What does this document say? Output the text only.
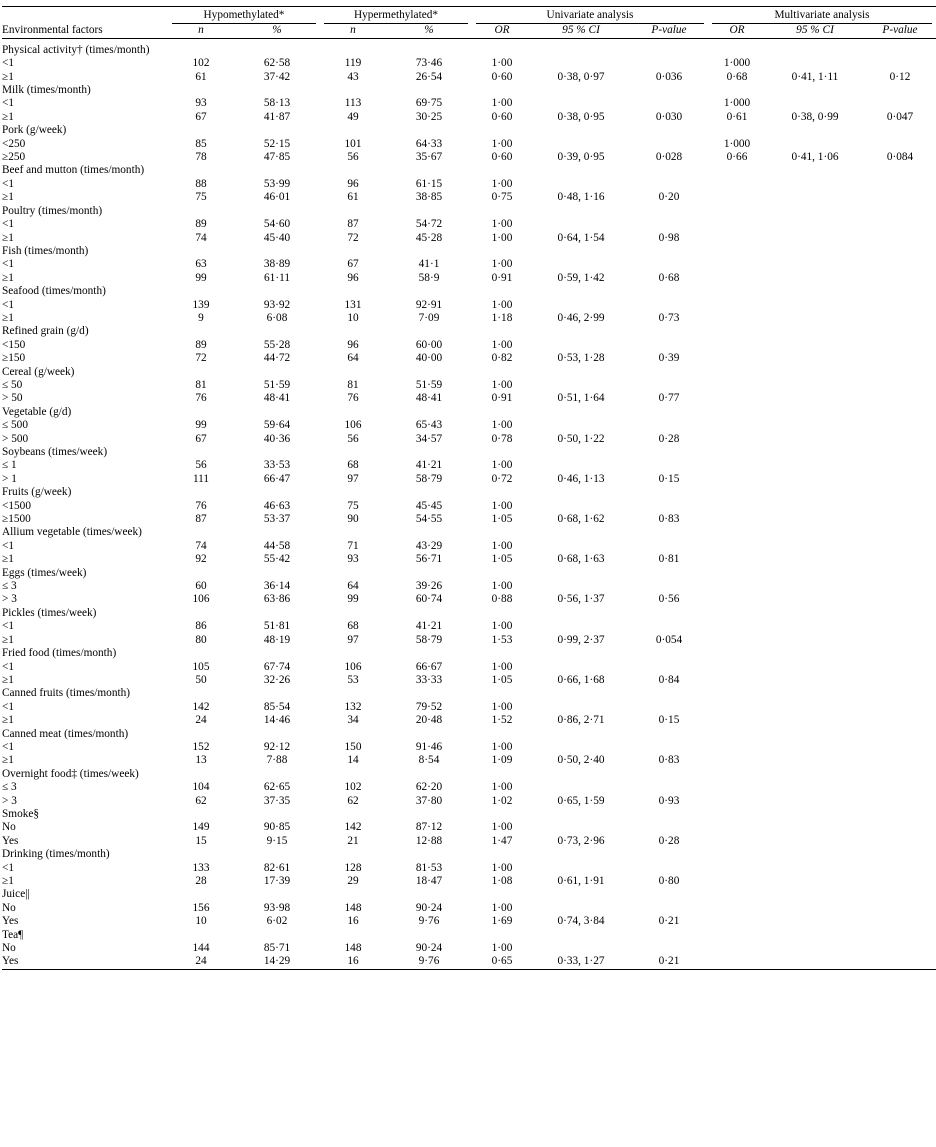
	Hypomethylated*		Hypermethylated*		Univariate analysis			Multivariate analysis		

Environmental factors	n	%	n	%	OR	95 % CI	P-value	OR	95 % CI	P-value

Physical activity† (times/month)										
<1	102	62·58	119	73·46	1·00			1·000		
≥1	61	37·42	43	26·54	0·60	0·38, 0·97	0·036	0·68	0·41, 1·11	0·12
Milk (times/month)										
<1	93	58·13	113	69·75	1·00			1·000		
≥1	67	41·87	49	30·25	0·60	0·38, 0·95	0·030	0·61	0·38, 0·99	0·047
Pork (g/week)										
<250	85	52·15	101	64·33	1·00			1·000		
≥250	78	47·85	56	35·67	0·60	0·39, 0·95	0·028	0·66	0·41, 1·06	0·084
Beef and mutton (times/month)										
<1	88	53·99	96	61·15	1·00					
≥1	75	46·01	61	38·85	0·75	0·48, 1·16	0·20			
Poultry (times/month)										
<1	89	54·60	87	54·72	1·00					
≥1	74	45·40	72	45·28	1·00	0·64, 1·54	0·98			
Fish (times/month)										
<1	63	38·89	67	41·1	1·00					
≥1	99	61·11	96	58·9	0·91	0·59, 1·42	0·68			
Seafood (times/month)										
<1	139	93·92	131	92·91	1·00					
≥1	9	6·08	10	7·09	1·18	0·46, 2·99	0·73			
Refined grain (g/d)										
<150	89	55·28	96	60·00	1·00					
≥150	72	44·72	64	40·00	0·82	0·53, 1·28	0·39			
Cereal (g/week)										
≤ 50	81	51·59	81	51·59	1·00					
> 50	76	48·41	76	48·41	0·91	0·51, 1·64	0·77			
Vegetable (g/d)										
≤ 500	99	59·64	106	65·43	1·00					
> 500	67	40·36	56	34·57	0·78	0·50, 1·22	0·28			
Soybeans (times/week)										
≤ 1	56	33·53	68	41·21	1·00					
> 1	111	66·47	97	58·79	0·72	0·46, 1·13	0·15			
Fruits (g/week)										
<1500	76	46·63	75	45·45	1·00					
≥1500	87	53·37	90	54·55	1·05	0·68, 1·62	0·83			
Allium vegetable (times/week)										
<1	74	44·58	71	43·29	1·00					
≥1	92	55·42	93	56·71	1·05	0·68, 1·63	0·81			
Eggs (times/week)										
≤ 3	60	36·14	64	39·26	1·00					
> 3	106	63·86	99	60·74	0·88	0·56, 1·37	0·56			
Pickles (times/week)										
<1	86	51·81	68	41·21	1·00					
≥1	80	48·19	97	58·79	1·53	0·99, 2·37	0·054			
Fried food (times/month)										
<1	105	67·74	106	66·67	1·00					
≥1	50	32·26	53	33·33	1·05	0·66, 1·68	0·84			
Canned fruits (times/month)										
<1	142	85·54	132	79·52	1·00					
≥1	24	14·46	34	20·48	1·52	0·86, 2·71	0·15			
Canned meat (times/month)										
<1	152	92·12	150	91·46	1·00					
≥1	13	7·88	14	8·54	1·09	0·50, 2·40	0·83			
Overnight food‡ (times/week)										
≤ 3	104	62·65	102	62·20	1·00					
> 3	62	37·35	62	37·80	1·02	0·65, 1·59	0·93			
Smoke§										
No	149	90·85	142	87·12	1·00					
Yes	15	9·15	21	12·88	1·47	0·73, 2·96	0·28			
Drinking (times/month)										
<1	133	82·61	128	81·53	1·00					
≥1	28	17·39	29	18·47	1·08	0·61, 1·91	0·80			
Juice||										
No	156	93·98	148	90·24	1·00					
Yes	10	6·02	16	9·76	1·69	0·74, 3·84	0·21			
Tea¶										
No	144	85·71	148	90·24	1·00					
Yes	24	14·29	16	9·76	0·65	0·33, 1·27	0·21			
